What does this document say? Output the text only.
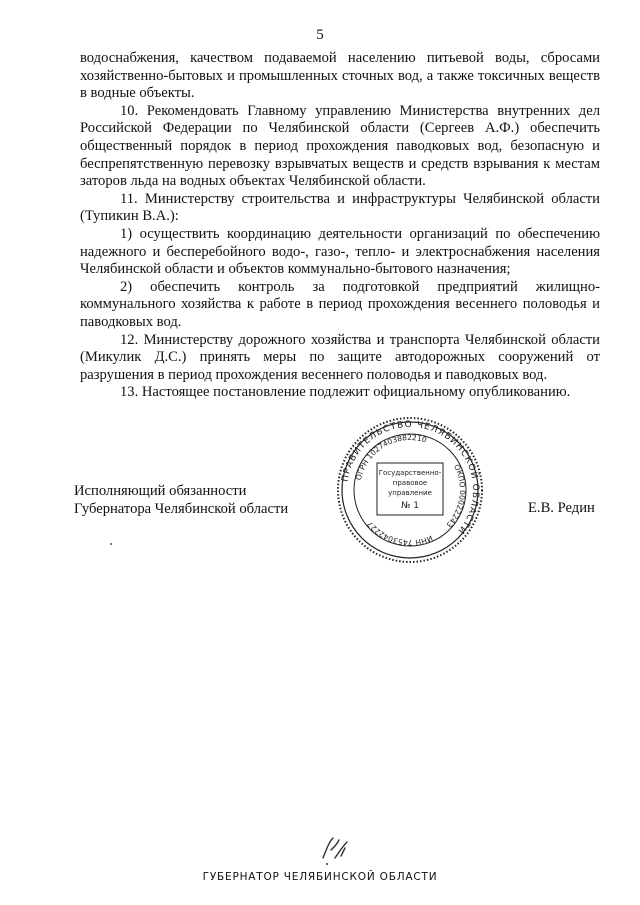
5

водоснабжения, качеством подаваемой населению питьевой воды, сбросами хозяйственно-бытовых и промышленных сточных вод, а также токсичных веществ в водные объекты.

10. Рекомендовать Главному управлению Министерства внутренних дел Российской Федерации по Челябинской области (Сергеев А.Ф.) обеспечить общественный порядок в период прохождения паводковых вод, безопасную и беспрепятственную перевозку взрывчатых веществ и средств взрывания к местам заторов льда на водных объектах Челябинской области.

11. Министерству строительства и инфраструктуры Челябинской области (Тупикин В.А.):

1) осуществить координацию деятельности организаций по обеспечению надежного и бесперебойного водо-, газо-, тепло- и электроснабжения населения Челябинской области и объектов коммунально-бытового назначения;

2) обеспечить контроль за подготовкой предприятий жилищно-коммунального хозяйства к работе в период прохождения весеннего половодья и паводковых вод.

12. Министерству дорожного хозяйства и транспорта Челябинской области (Микулик Д.С.) принять меры по защите автодорожных сооружений от разрушения в период прохождения весеннего половодья и паводковых вод.

13. Настоящее постановление подлежит официальному опубликованию.

Исполняющий обязанности
Губернатора Челябинской области	Е.В. Редин
ПРАВИТЕЛЬСТВО ЧЕЛЯБИНСКОЙ ОБЛАСТИ
ОГРН 1027403882210
ОКПО 00022243
ИНН 7453042227
Государственно-
правовое
управление
№ 1
ГУБЕРНАТОР ЧЕЛЯБИНСКОЙ ОБЛАСТИ
